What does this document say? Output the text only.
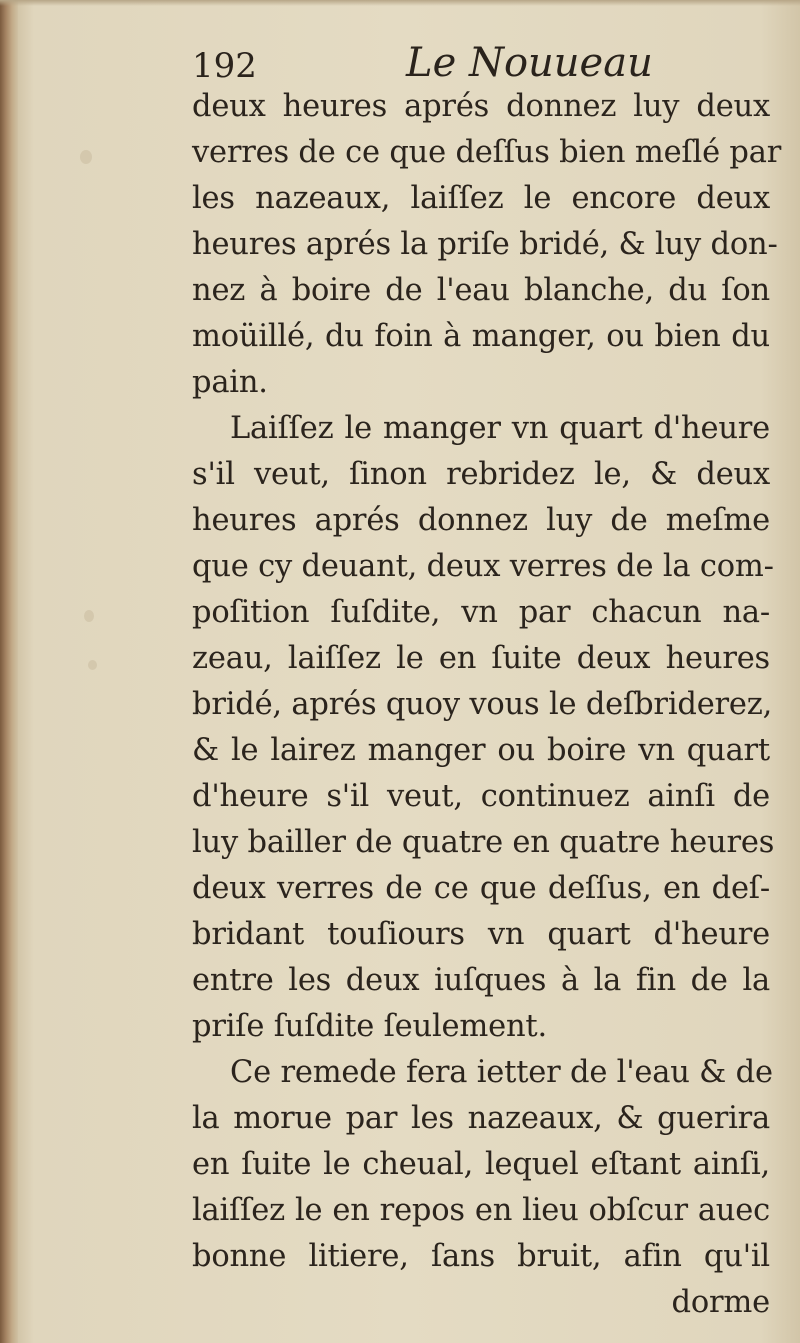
192	Le Nouueau
deux heures aprés donnez luy deux
verres de ce que deſſus bien meſlé par
les nazeaux, laiſſez le encore deux
heures aprés la priſe bridé, & luy don-
nez à boire de l'eau blanche, du ſon
moüillé, du foin à manger, ou bien du
pain.
Laiſſez le manger vn quart d'heure
s'il veut, ſinon rebridez le, & deux
heures aprés donnez luy de meſme
que cy deuant, deux verres de la com-
poſition ſuſdite, vn par chacun na-
zeau, laiſſez le en ſuite deux heures
bridé, aprés quoy vous le deſbriderez,
& le lairez manger ou boire vn quart
d'heure s'il veut, continuez ainſi de
luy bailler de quatre en quatre heures
deux verres de ce que deſſus, en deſ-
bridant touſiours vn quart d'heure
entre les deux iuſques à la fin de la
priſe ſuſdite ſeulement.
Ce remede fera ietter de l'eau & de
la morue par les nazeaux, & guerira
en ſuite le cheual, lequel eſtant ainſi,
laiſſez le en repos en lieu obſcur auec
bonne litiere, ſans bruit, afin qu'il
dorme
